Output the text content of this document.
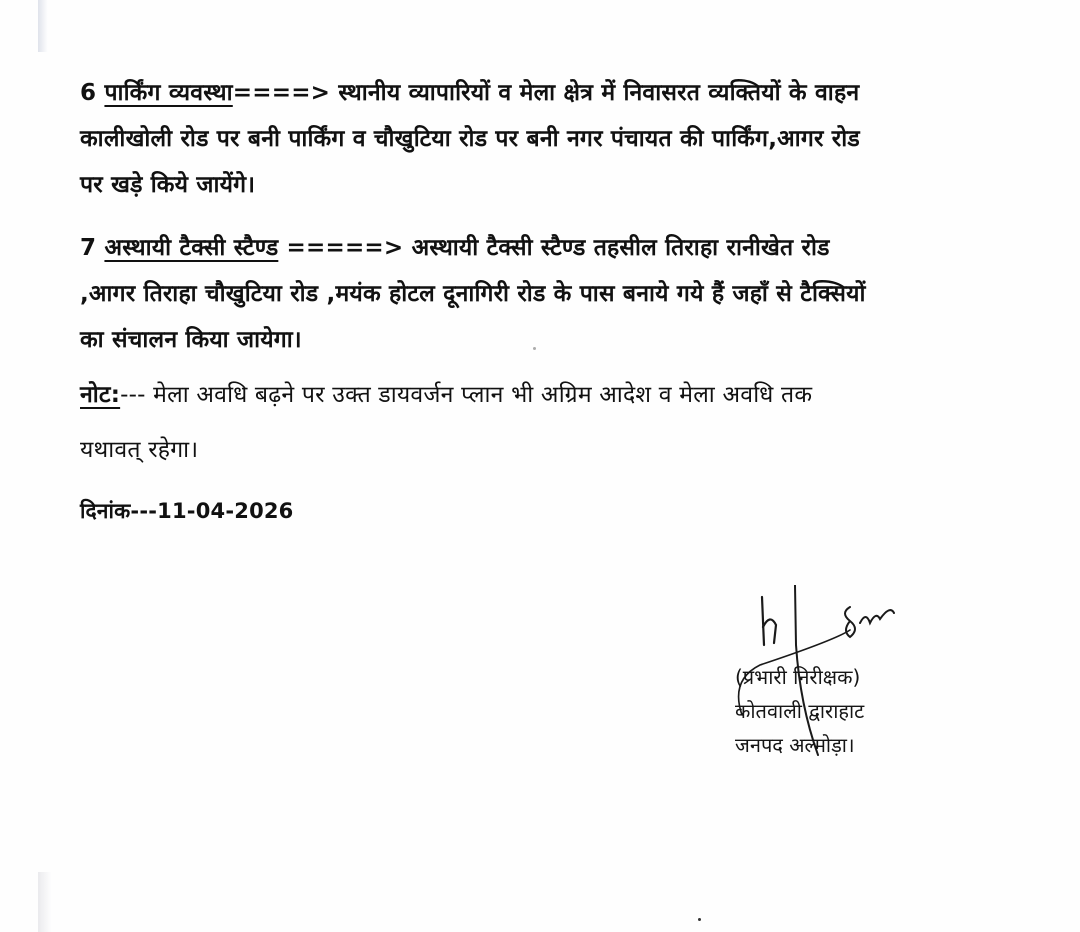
6 पार्किंग व्यवस्था====> स्थानीय व्यापारियों व मेला क्षेत्र में निवासरत व्यक्तियों के वाहन
कालीखोली रोड पर बनी पार्किंग व चौखुटिया रोड पर बनी नगर पंचायत की पार्किंग,आगर रोड
पर खड़े किये जायेंगे।
7 अस्थायी टैक्सी स्टैण्ड =====> अस्थायी टैक्सी स्टैण्ड तहसील तिराहा रानीखेत रोड
,आगर तिराहा चौखुटिया रोड ,मयंक होटल दूनागिरी रोड के पास बनाये गये हैं जहाँ से टैक्सियों
का संचालन किया जायेगा।
नोट:--- मेला अवधि बढ़ने पर उक्त डायवर्जन प्लान भी अग्रिम आदेश व मेला अवधि तक
यथावत् रहेगा।
दिनांक---11-04-2026
(प्रभारी निरीक्षक)
कोतवाली द्वाराहाट
जनपद अल्मोड़ा।
